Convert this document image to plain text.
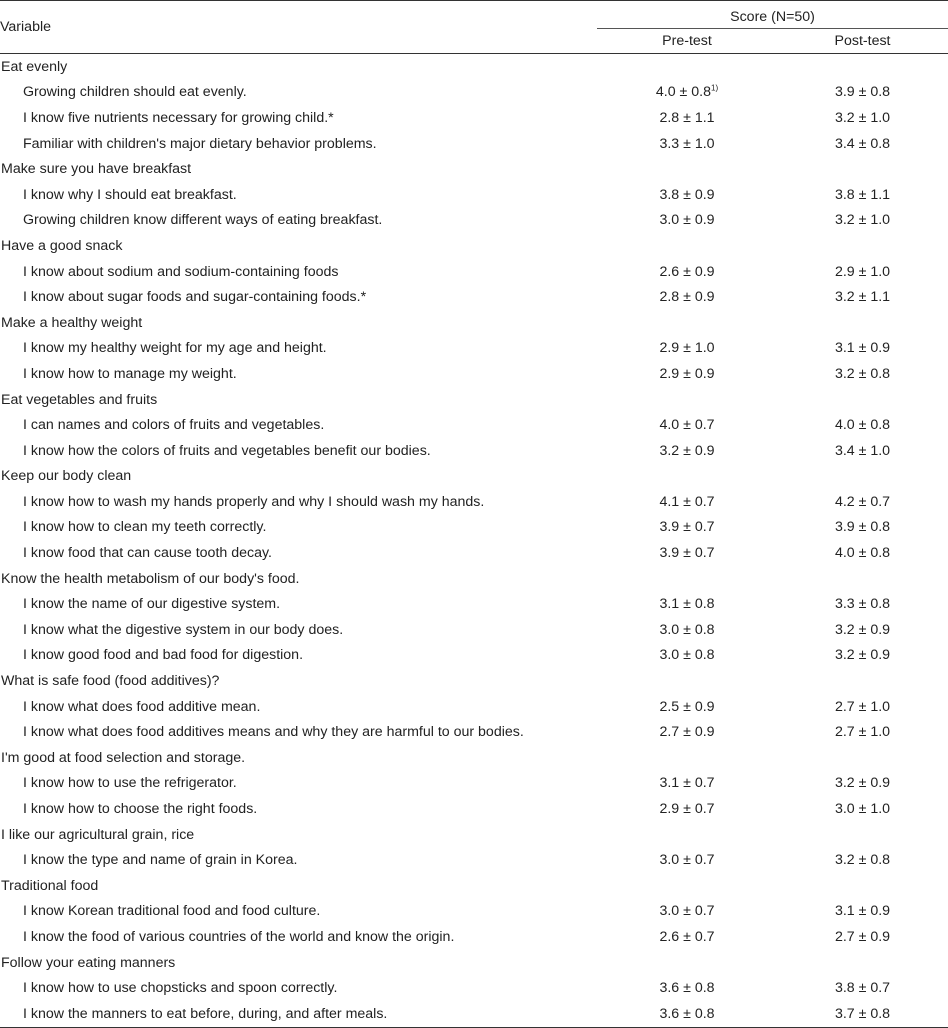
Variable	Score (N=50)	
	Pre-test	Post-test
Eat evenly		
Growing children should eat evenly.	$4.0 \pm 0.8^{1)}$	3.9 ± 0.8
I know five nutrients necessary for growing child.*	2.8 ± 1.1	3.2 ± 1.0
Familiar with children's major dietary behavior problems.	3.3 ± 1.0	3.4 ± 0.8
Make sure you have breakfast		
I know why I should eat breakfast.	3.8 ± 0.9	3.8 ± 1.1
Growing children know different ways of eating breakfast.	3.0 ± 0.9	3.2 ± 1.0
Have a good snack		
I know about sodium and sodium-containing foods	2.6 ± 0.9	2.9 ± 1.0
I know about sugar foods and sugar-containing foods.*	2.8 ± 0.9	3.2 ± 1.1
Make a healthy weight		
I know my healthy weight for my age and height.	2.9 ± 1.0	3.1 ± 0.9
I know how to manage my weight.	2.9 ± 0.9	3.2 ± 0.8
Eat vegetables and fruits		
I can names and colors of fruits and vegetables.	4.0 ± 0.7	4.0 ± 0.8
I know how the colors of fruits and vegetables benefit our bodies.	3.2 ± 0.9	3.4 ± 1.0
Keep our body clean		
I know how to wash my hands properly and why I should wash my hands.	4.1 ± 0.7	4.2 ± 0.7
I know how to clean my teeth correctly.	3.9 ± 0.7	3.9 ± 0.8
I know food that can cause tooth decay.	3.9 ± 0.7	4.0 ± 0.8
Know the health metabolism of our body's food.		
I know the name of our digestive system.	3.1 ± 0.8	3.3 ± 0.8
I know what the digestive system in our body does.	3.0 ± 0.8	3.2 ± 0.9
I know good food and bad food for digestion.	3.0 ± 0.8	3.2 ± 0.9
What is safe food (food additives)?		
I know what does food additive mean.	2.5 ± 0.9	2.7 ± 1.0
I know what does food additives means and why they are harmful to our bodies.	2.7 ± 0.9	2.7 ± 1.0
I'm good at food selection and storage.		
I know how to use the refrigerator.	3.1 ± 0.7	3.2 ± 0.9
I know how to choose the right foods.	2.9 ± 0.7	3.0 ± 1.0
I like our agricultural grain, rice		
I know the type and name of grain in Korea.	3.0 ± 0.7	3.2 ± 0.8
Traditional food		
I know Korean traditional food and food culture.	3.0 ± 0.7	3.1 ± 0.9
I know the food of various countries of the world and know the origin.	2.6 ± 0.7	2.7 ± 0.9
Follow your eating manners		
I know how to use chopsticks and spoon correctly.	3.6 ± 0.8	3.8 ± 0.7
I know the manners to eat before, during, and after meals.	3.6 ± 0.8	3.7 ± 0.8
